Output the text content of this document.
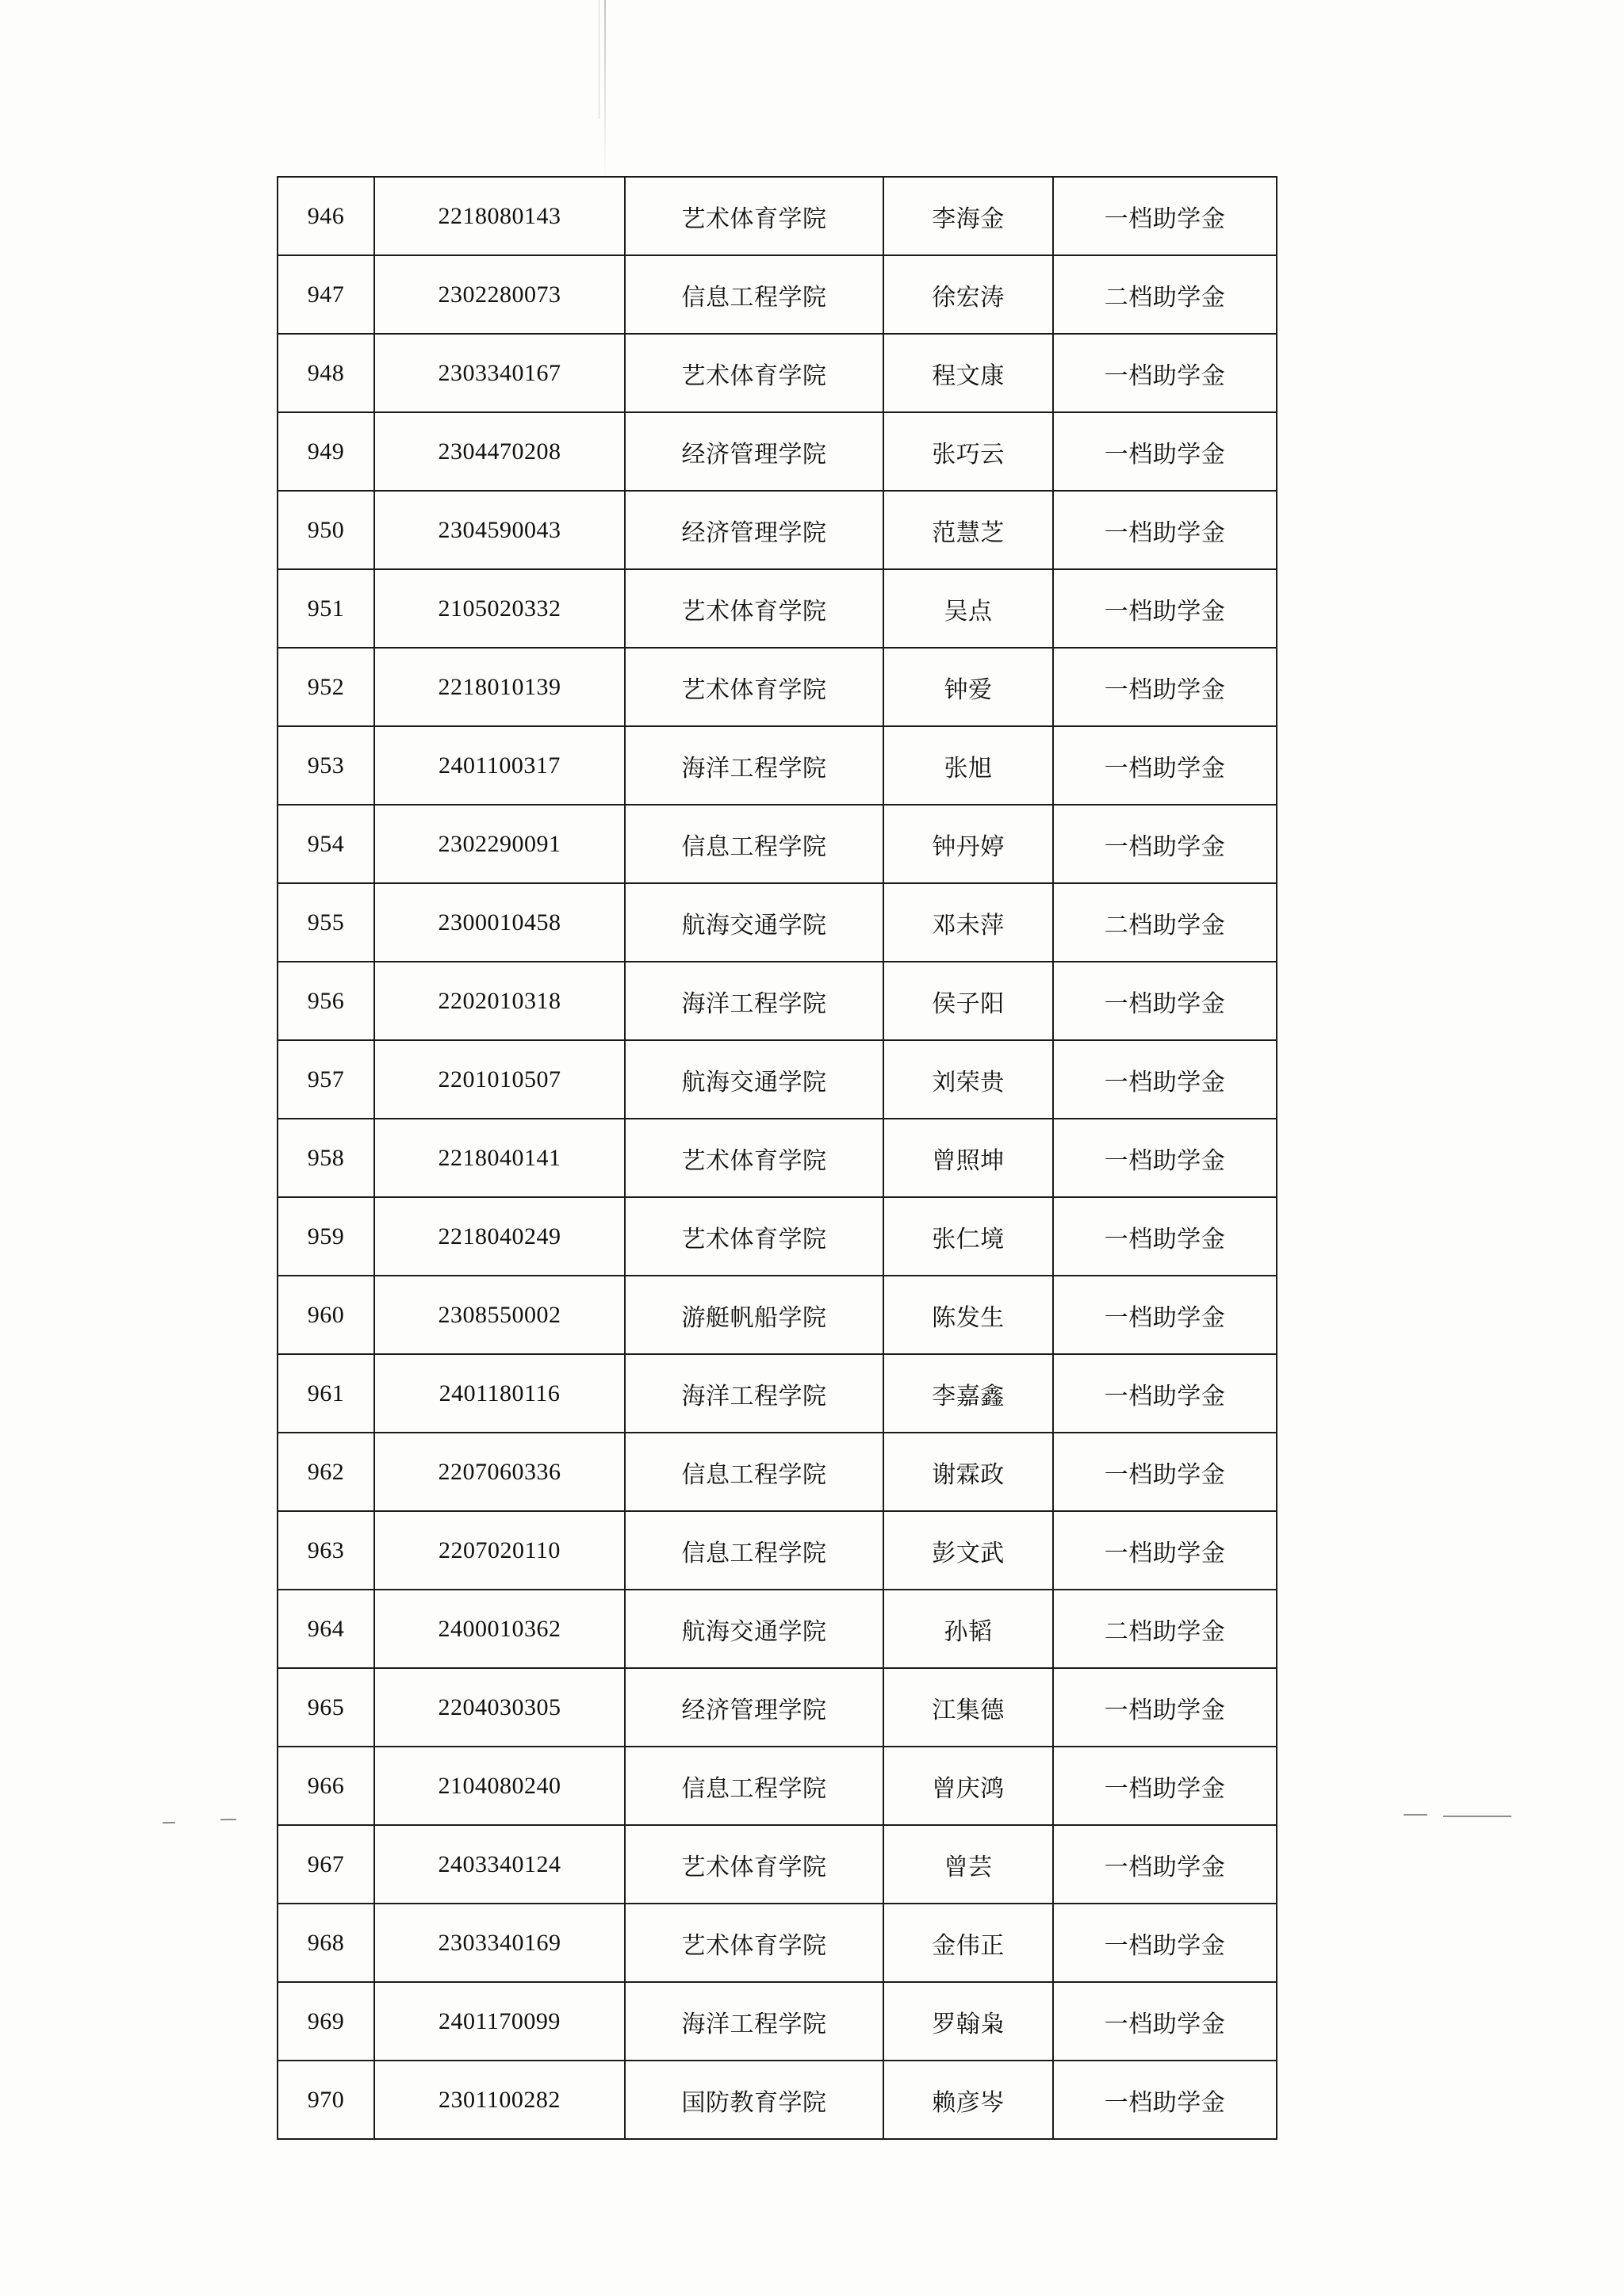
946	2218080143	艺术体育学院	李海金	一档助学金
947	2302280073	信息工程学院	徐宏涛	二档助学金
948	2303340167	艺术体育学院	程文康	一档助学金
949	2304470208	经济管理学院	张巧云	一档助学金
950	2304590043	经济管理学院	范慧芝	一档助学金
951	2105020332	艺术体育学院	吴点	一档助学金
952	2218010139	艺术体育学院	钟爱	一档助学金
953	2401100317	海洋工程学院	张旭	一档助学金
954	2302290091	信息工程学院	钟丹婷	一档助学金
955	2300010458	航海交通学院	邓未萍	二档助学金
956	2202010318	海洋工程学院	侯子阳	一档助学金
957	2201010507	航海交通学院	刘荣贵	一档助学金
958	2218040141	艺术体育学院	曾照坤	一档助学金
959	2218040249	艺术体育学院	张仁境	一档助学金
960	2308550002	游艇帆船学院	陈发生	一档助学金
961	2401180116	海洋工程学院	李嘉鑫	一档助学金
962	2207060336	信息工程学院	谢霖政	一档助学金
963	2207020110	信息工程学院	彭文武	一档助学金
964	2400010362	航海交通学院	孙韬	二档助学金
965	2204030305	经济管理学院	江集德	一档助学金
966	2104080240	信息工程学院	曾庆鸿	一档助学金
967	2403340124	艺术体育学院	曾芸	一档助学金
968	2303340169	艺术体育学院	金伟正	一档助学金
969	2401170099	海洋工程学院	罗翰枭	一档助学金
970	2301100282	国防教育学院	赖彦岑	一档助学金
